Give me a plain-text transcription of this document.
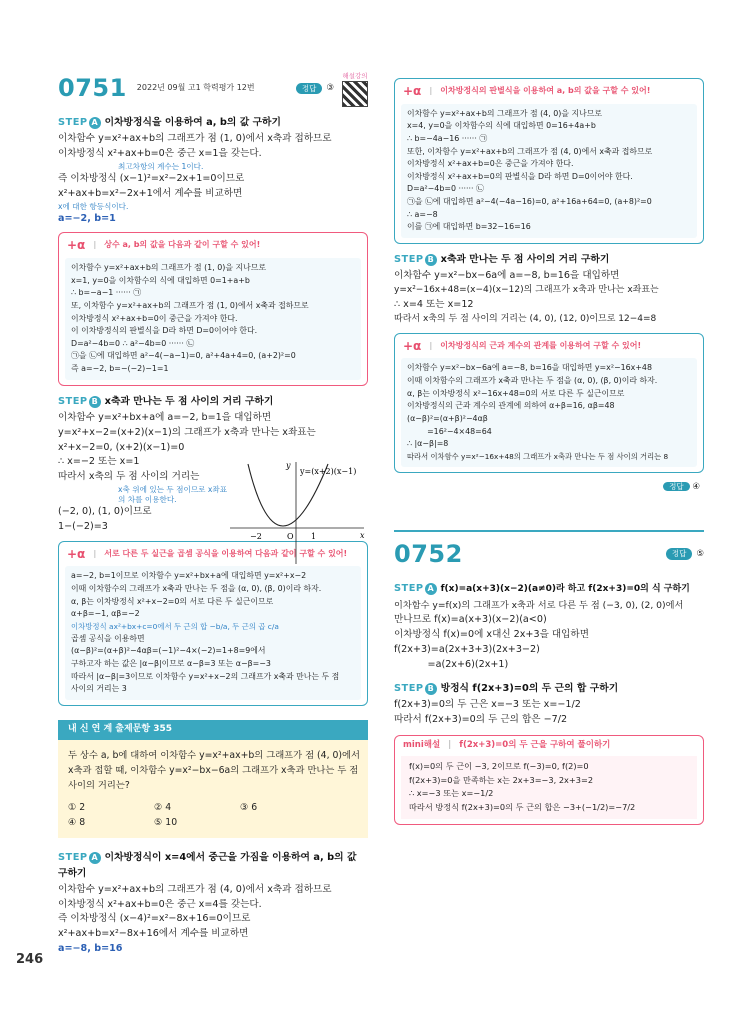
246
0751 2022년 09월 고1 학력평가 12번	정답	③
해설강의
STEP A 이차방정식을 이용하여 a, b의 값 구하기
이차함수 y=x²+ax+b의 그래프가 점 (1, 0)에서 x축과 접하므로
이차방정식 x²+ax+b=0은 중근 x=1을 갖는다.
최고차항의 계수는 1이다.
즉 이차방정식 (x−1)²=x²−2x+1=0이므로
x²+ax+b=x²−2x+1에서 계수를 비교하면
x에 대한 항등식이다.
a=−2, b=1
+α | 상수 a, b의 값을 다음과 같이 구할 수 있어!
이차함수 y=x²+ax+b의 그래프가 점 (1, 0)을 지나므로
x=1, y=0을 이차함수의 식에 대입하면 0=1+a+b
∴ b=−a−1 ······ ㉠
또, 이차함수 y=x²+ax+b의 그래프가 점 (1, 0)에서 x축과 접하므로
이차방정식 x²+ax+b=0이 중근을 가져야 한다.
이 이차방정식의 판별식을 D라 하면 D=0이어야 한다.
D=a²−4b=0 ∴ a²−4b=0 ······ ㉡
㉠을 ㉡에 대입하면 a²−4(−a−1)=0, a²+4a+4=0, (a+2)²=0
즉 a=−2, b=−(−2)−1=1
STEP B x축과 만나는 두 점 사이의 거리 구하기
이차함수 y=x²+bx+a에 a=−2, b=1을 대입하면
y=x²+x−2=(x+2)(x−1)의 그래프가 x축과 만나는 x좌표는
x²+x−2=0, (x+2)(x−1)=0
∴ x=−2 또는 x=1
따라서 x축의 두 점 사이의 거리는
x축 위에 있는 두 점이므로 x좌표의 차를 이용한다.
(−2, 0), (1, 0)이므로
1−(−2)=3
y
x
y=(x+2)(x−1)
−2	O 1
+α | 서로 다른 두 실근을 곱셈 공식을 이용하여 다음과 같이 구할 수 있어!
a=−2, b=1이므로 이차함수 y=x²+bx+a에 대입하면 y=x²+x−2
이때 이차함수의 그래프가 x축과 만나는 두 점을 (α, 0), (β, 0)이라 하자.
α, β는 이차방정식 x²+x−2=0의 서로 다른 두 실근이므로
α+β=−1, αβ=−2
이차방정식 ax²+bx+c=0에서 두 근의 합 −b/a, 두 근의 곱 c/a
곱셈 공식을 이용하면
(α−β)²=(α+β)²−4αβ=(−1)²−4×(−2)=1+8=9에서
구하고자 하는 값은 |α−β|이므로 α−β=3 또는 α−β=−3
따라서 |α−β|=3이므로 이차함수 y=x²+x−2의 그래프가 x축과 만나는 두 점
사이의 거리는 3
내 신 연 계 출제문항 355
두 상수 a, b에 대하여 이차함수 y=x²+ax+b의 그래프가 점 (4, 0)에서
x축과 접할 때, 이차함수 y=x²−bx−6a의 그래프가 x축과 만나는 두 점
사이의 거리는?
① 2	② 4	③ 6
④ 8	⑤ 10
STEP A 이차방정식이 x=4에서 중근을 가짐을 이용하여 a, b의 값 구하기
이차함수 y=x²+ax+b의 그래프가 점 (4, 0)에서 x축과 접하므로
이차방정식 x²+ax+b=0은 중근 x=4를 갖는다.
즉 이차방정식 (x−4)²=x²−8x+16=0이므로
x²+ax+b=x²−8x+16에서 계수를 비교하면
a=−8, b=16
+α | 이차방정식의 판별식을 이용하여 a, b의 값을 구할 수 있어!
이차함수 y=x²+ax+b의 그래프가 점 (4, 0)을 지나므로
x=4, y=0을 이차함수의 식에 대입하면 0=16+4a+b
∴ b=−4a−16 ······ ㉠
또한, 이차함수 y=x²+ax+b의 그래프가 점 (4, 0)에서 x축과 접하므로
이차방정식 x²+ax+b=0은 중근을 가져야 한다.
이차방정식 x²+ax+b=0의 판별식을 D라 하면 D=0이어야 한다.
D=a²−4b=0 ······ ㉡
㉠을 ㉡에 대입하면 a²−4(−4a−16)=0, a²+16a+64=0, (a+8)²=0
∴ a=−8
이를 ㉠에 대입하면 b=32−16=16
STEP B x축과 만나는 두 점 사이의 거리 구하기
이차함수 y=x²−bx−6a에 a=−8, b=16을 대입하면
y=x²−16x+48=(x−4)(x−12)의 그래프가 x축과 만나는 x좌표는
∴ x=4 또는 x=12
따라서 x축의 두 점 사이의 거리는 (4, 0), (12, 0)이므로 12−4=8
+α | 이차방정식의 근과 계수의 관계를 이용하여 구할 수 있어!
이차함수 y=x²−bx−6a에 a=−8, b=16을 대입하면 y=x²−16x+48
이때 이차함수의 그래프가 x축과 만나는 두 점을 (α, 0), (β, 0)이라 하자.
α, β는 이차방정식 x²−16x+48=0의 서로 다른 두 실근이므로
이차방정식의 근과 계수의 관계에 의하여 α+β=16, αβ=48
(α−β)²=(α+β)²−4αβ
=16²−4×48=64
∴ |α−β|=8
따라서 이차함수 y=x²−16x+48의 그래프가 x축과 만나는 두 점 사이의 거리는 8
정답 ④
0752	정답	⑤
STEP A f(x)=a(x+3)(x−2)(a≠0)라 하고 f(2x+3)=0의 식 구하기
이차함수 y=f(x)의 그래프가 x축과 서로 다른 두 점 (−3, 0), (2, 0)에서
만나므로 f(x)=a(x+3)(x−2)(a<0)
이차방정식 f(x)=0에 x대신 2x+3을 대입하면
f(2x+3)=a(2x+3+3)(2x+3−2)
=a(2x+6)(2x+1)
STEP B 방정식 f(2x+3)=0의 두 근의 합 구하기
f(2x+3)=0의 두 근은 x=−3 또는 x=−1/2
따라서 f(2x+3)=0의 두 근의 합은 −7/2
mini해설 | f(2x+3)=0의 두 근을 구하여 풀이하기
f(x)=0의 두 근이 −3, 2이므로 f(−3)=0, f(2)=0
f(2x+3)=0을 만족하는 x는 2x+3=−3, 2x+3=2
∴ x=−3 또는 x=−1/2
따라서 방정식 f(2x+3)=0의 두 근의 합은 −3+(−1/2)=−7/2
